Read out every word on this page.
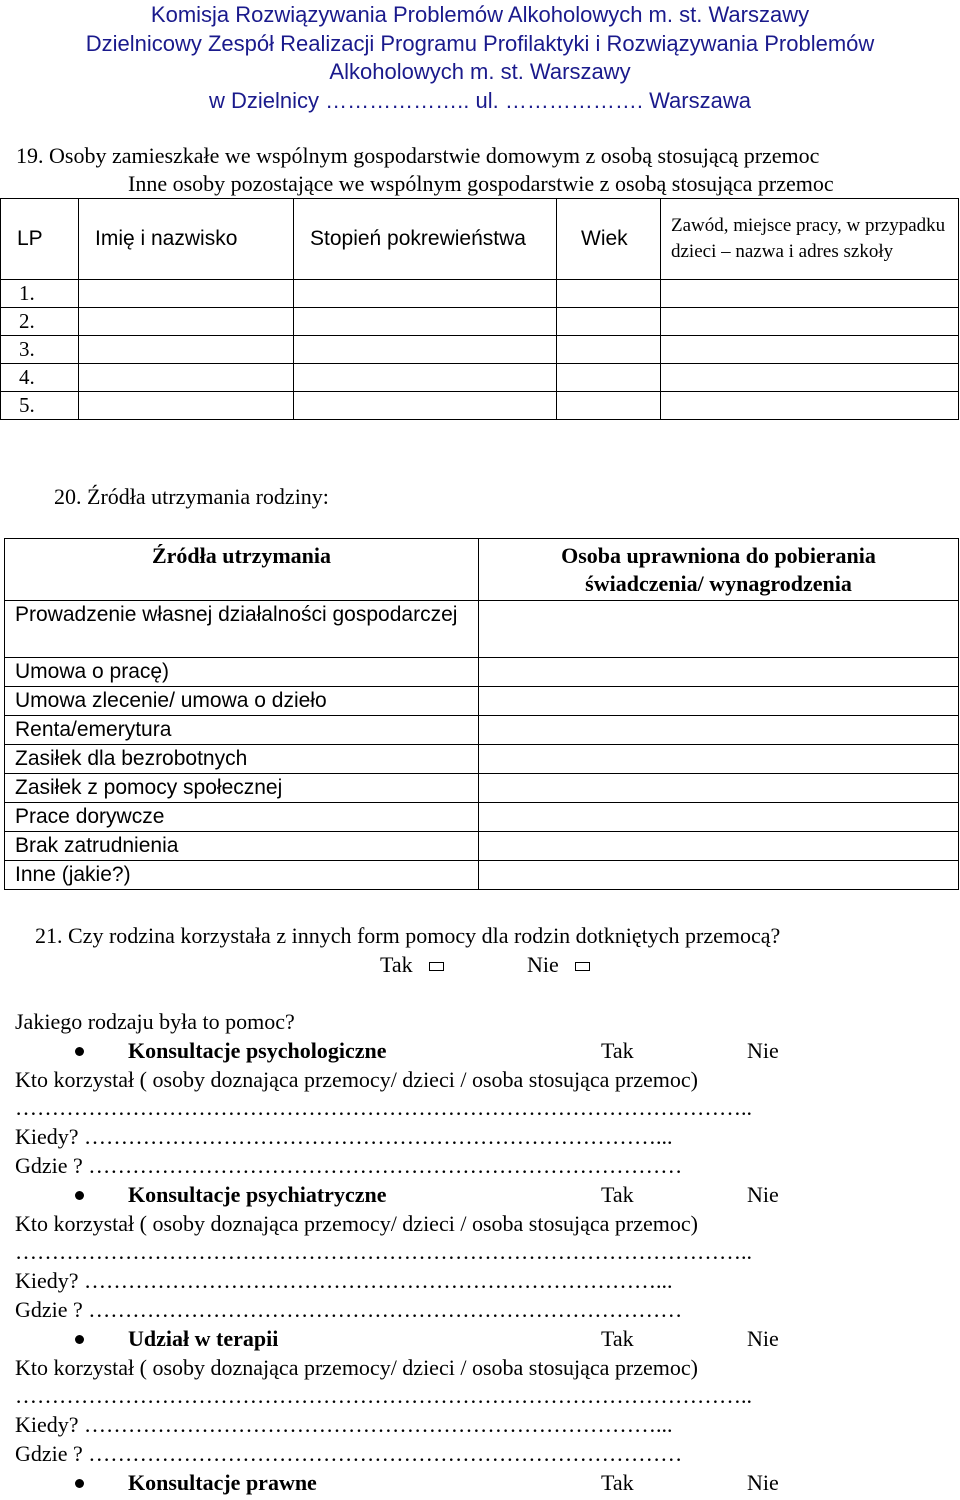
Komisja Rozwiązywania Problemów Alkoholowych m. st. Warszawy
Dzielnicowy Zespół Realizacji Programu Profilaktyki i Rozwiązywania Problemów
Alkoholowych m. st. Warszawy
w Dzielnicy ……………….. ul. ………………. Warszawa
19. Osoby zamieszkałe we wspólnym gospodarstwie domowym z osobą stosującą przemoc
Inne osoby pozostające we wspólnym gospodarstwie z osobą stosująca przemoc
LP	Imię i nazwisko	Stopień pokrewieństwa	Wiek	Zawód, miejsce pracy, w przypadku dzieci – nazwa i adres szkoły
1.				
2.				
3.				
4.				
5.				
20. Źródła utrzymania rodziny:
Źródła utrzymania	Osoba uprawniona do pobierania świadczenia/ wynagrodzenia
Prowadzenie własnej działalności gospodarczej	
Umowa o pracę)	
Umowa zlecenie/ umowa o dzieło	
Renta/emerytura	
Zasiłek dla bezrobotnych	
Zasiłek z pomocy społecznej	
Prace dorywcze	
Brak zatrudnienia	
Inne (jakie?)	
21. Czy rodzina korzystała z innych form pomocy dla rodzin dotkniętych przemocą?
Tak	Nie
Jakiego rodzaju była to pomoc?
Konsultacje psychologiczne	Tak	Nie
Kto korzystał ( osoby doznająca przemocy/ dzieci / osoba stosująca przemoc)
………………………………………………………………………………………..
Kiedy? ……………………………………………………………………...
Gdzie ? ………………………………………………………………………
Konsultacje psychiatryczne	Tak	Nie
Kto korzystał ( osoby doznająca przemocy/ dzieci / osoba stosująca przemoc)
………………………………………………………………………………………..
Kiedy? ……………………………………………………………………...
Gdzie ? ………………………………………………………………………
Udział w terapii	Tak	Nie
Kto korzystał ( osoby doznająca przemocy/ dzieci / osoba stosująca przemoc)
………………………………………………………………………………………..
Kiedy? ……………………………………………………………………...
Gdzie ? ………………………………………………………………………
Konsultacje prawne	Tak	Nie
